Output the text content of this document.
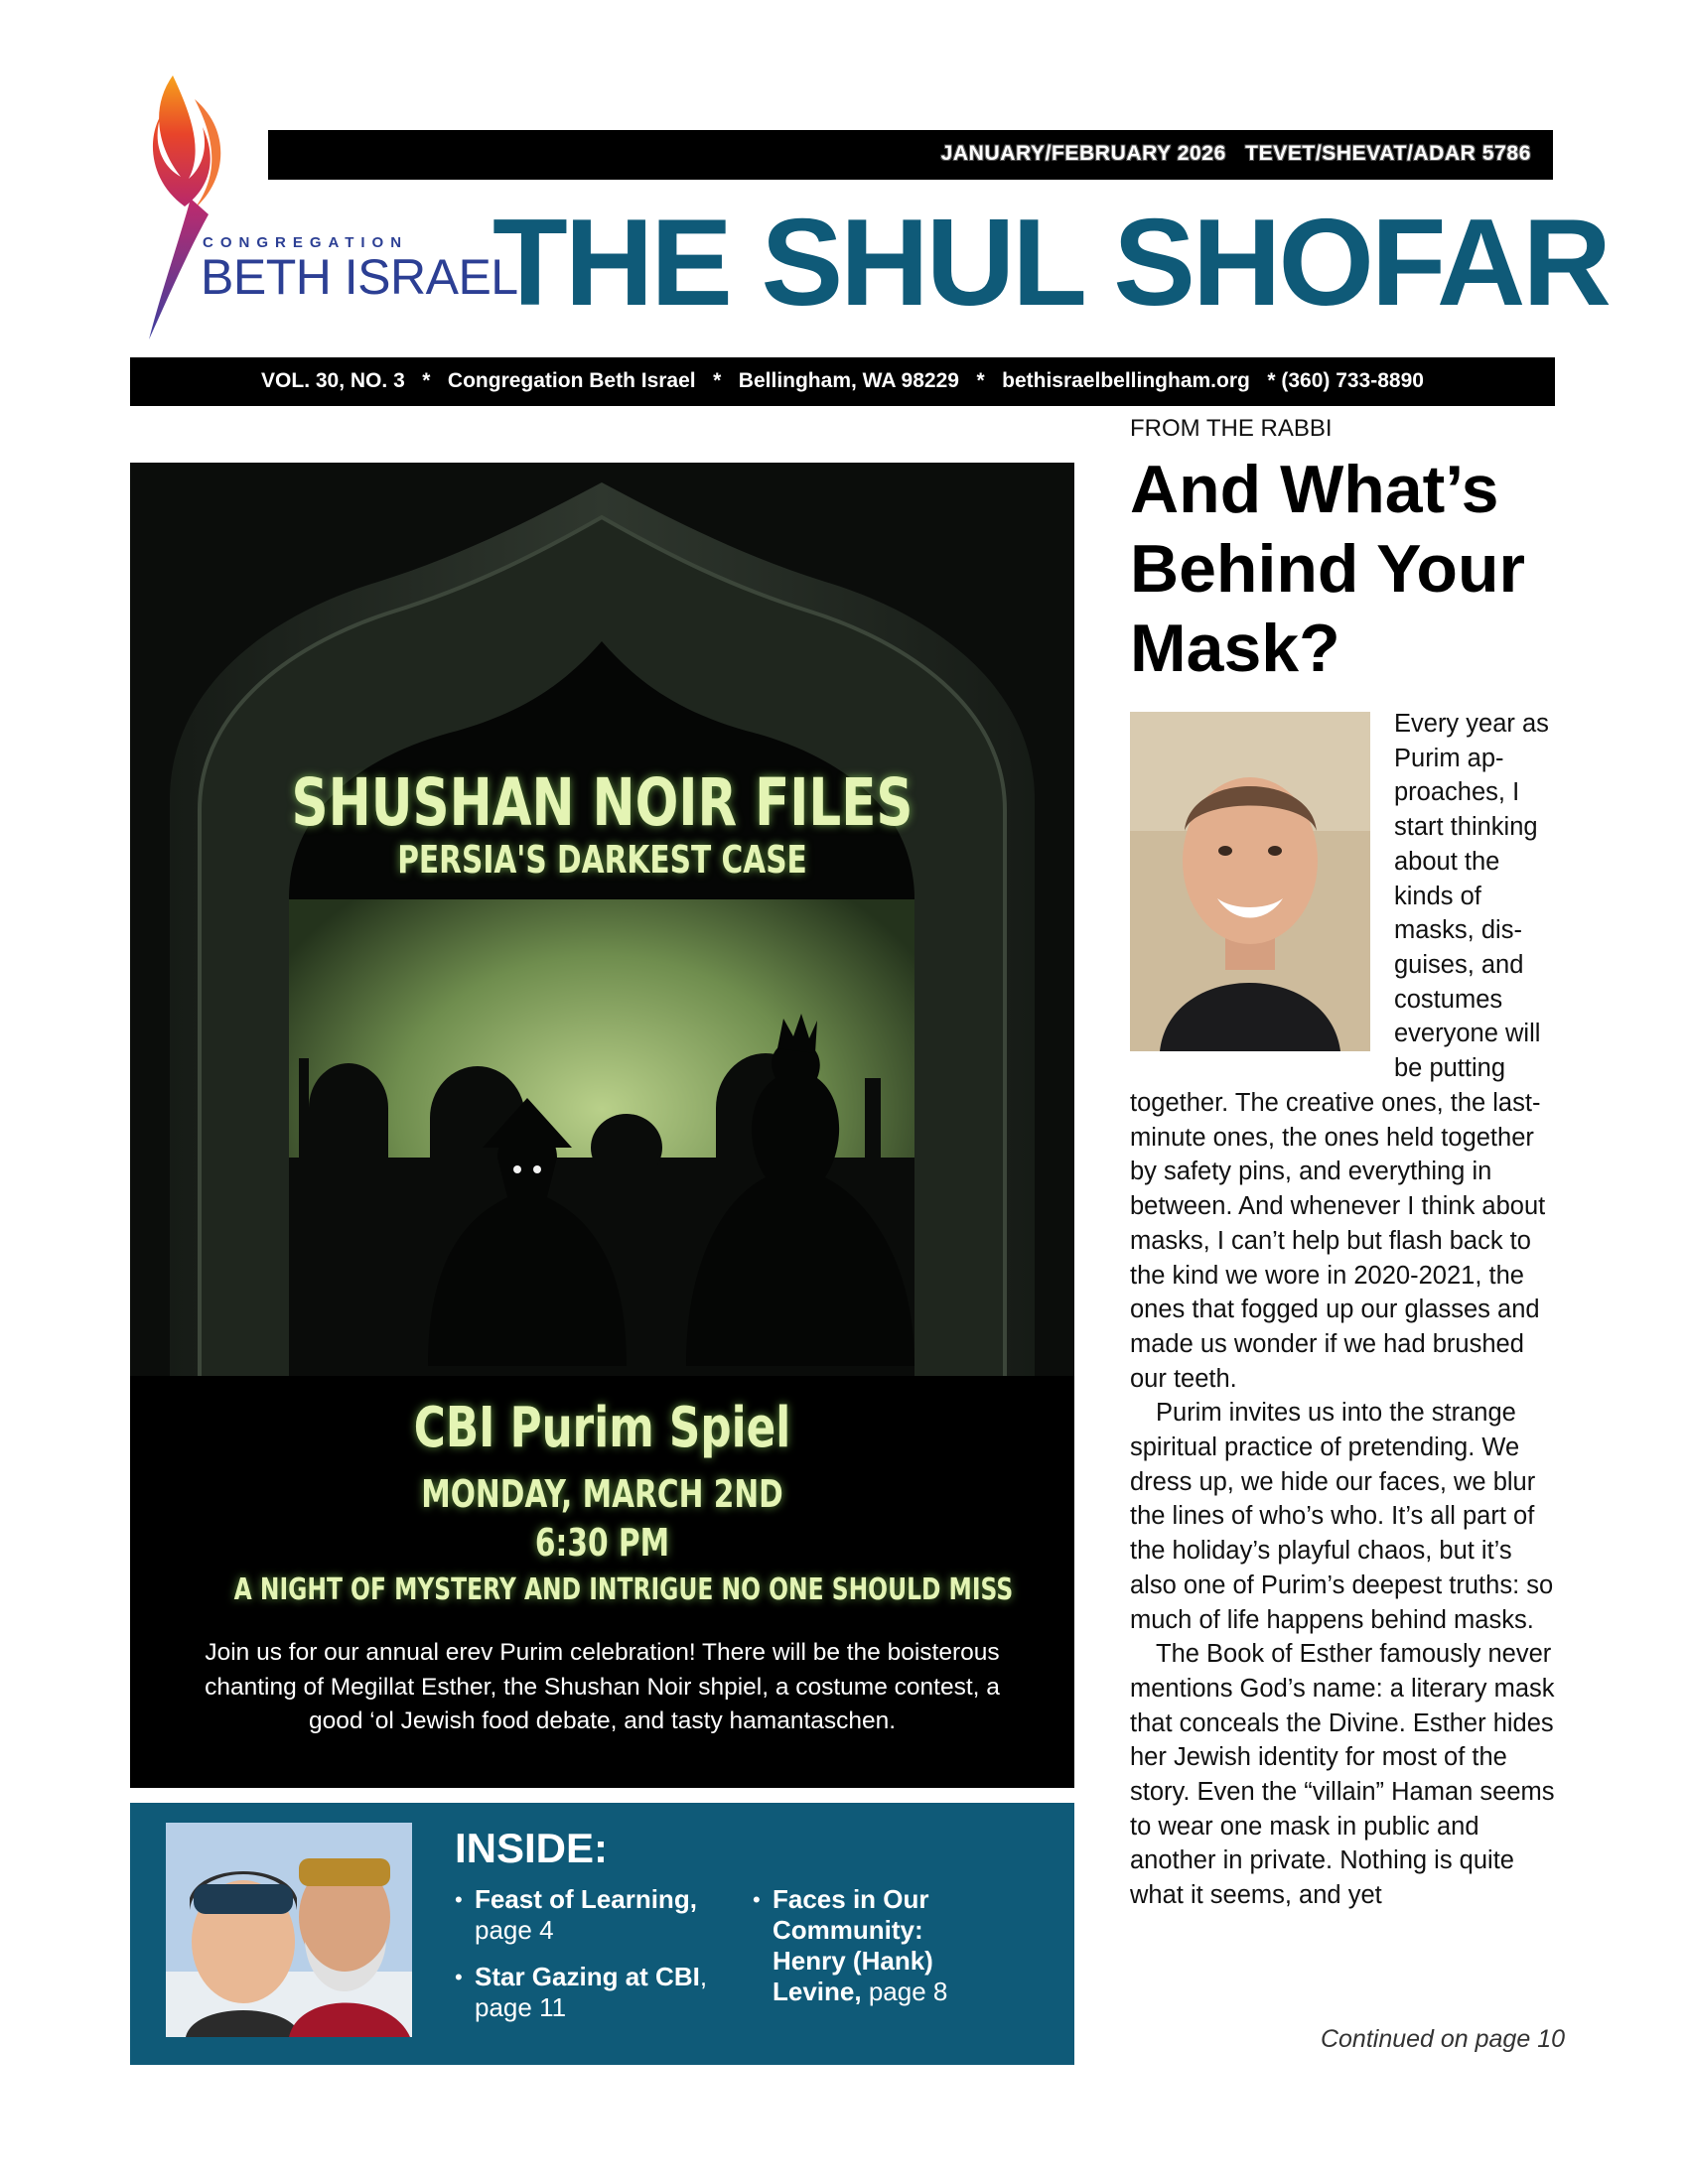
CONGREGATION
BETH ISRAEL
JANUARY/FEBRUARY 2026   TEVET/SHEVAT/ADAR 5786
THE SHUL SHOFAR
VOL. 30, NO. 3   *   Congregation Beth Israel   *   Bellingham, WA 98229   *   bethisraelbellingham.org   * (360) 733-8890
SHUSHAN NOIR FILES
PERSIA'S DARKEST CASE
CBI Purim Spiel
MONDAY, MARCH 2ND
6:30 PM
A NIGHT OF MYSTERY AND INTRIGUE NO ONE SHOULD MISS
Join us for our annual erev Purim celebration! There will be the boisterous chanting of Megillat Esther, the Shushan Noir shpiel, a costume contest, a good ‘ol Jewish food debate, and tasty hamantaschen.
INSIDE:
• Feast of Learning, page 4
• Star Gazing at CBI, page 11
• Faces in Our Community: Henry (Hank) Levine, page 8
FROM THE RABBI
And What’s Behind Your Mask?
Every year as Purim approaches, I start thinking about the kinds of masks, disguises, and costumes everyone will be putting

together. The creative ones, the last-minute ones, the ones held together by safety pins, and everything in between. And whenever I think about masks, I can’t help but flash back to the kind we wore in 2020-2021, the ones that fogged up our glasses and made us wonder if we had brushed our teeth.

Purim invites us into the strange spiritual practice of pretending. We dress up, we hide our faces, we blur the lines of who’s who. It’s all part of the holiday’s playful chaos, but it’s also one of Purim’s deepest truths: so much of life happens behind masks.

The Book of Esther famously never mentions God’s name: a literary mask that conceals the Divine. Esther hides her Jewish identity for most of the story. Even the “villain” Haman seems to wear one mask in public and another in private. Nothing is quite what it seems, and yet

Continued on page 10
